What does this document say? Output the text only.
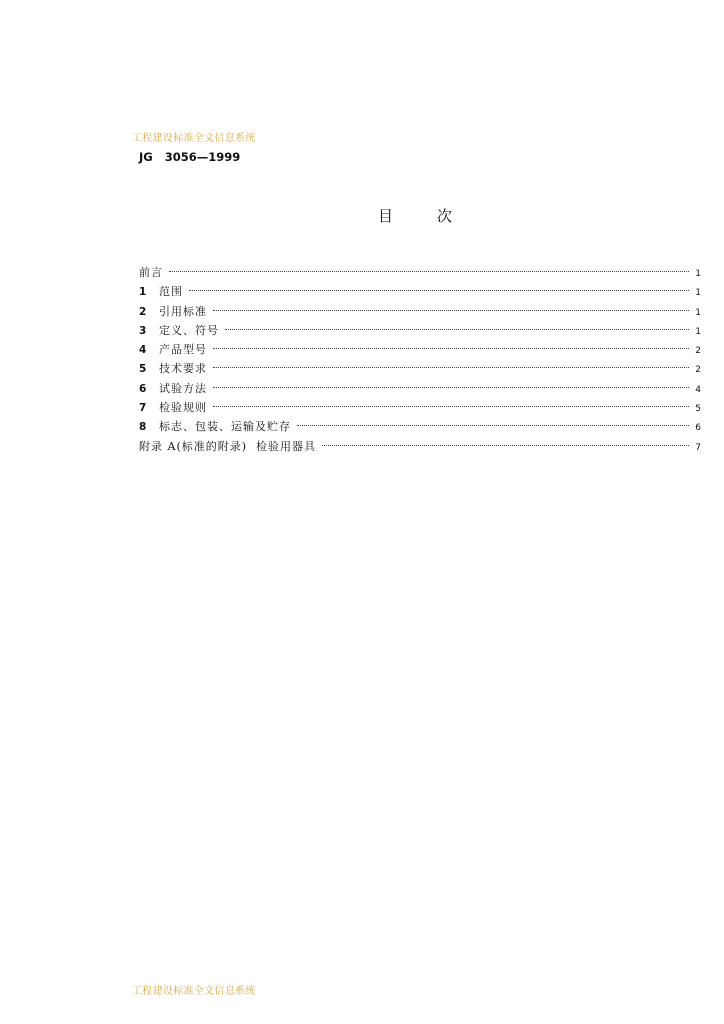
工程建设标准全文信息系统
JG   3056—1999
目	次
前言	1
1	范围	1
2	引用标准	1
3	定义、符号	1
4	产品型号	2
5	技术要求	2
6	试验方法	4
7	检验规则	5
8	标志、包装、运输及贮存	6
附录 A(标准的附录)  检验用器具	7
工程建设标准全文信息系统
